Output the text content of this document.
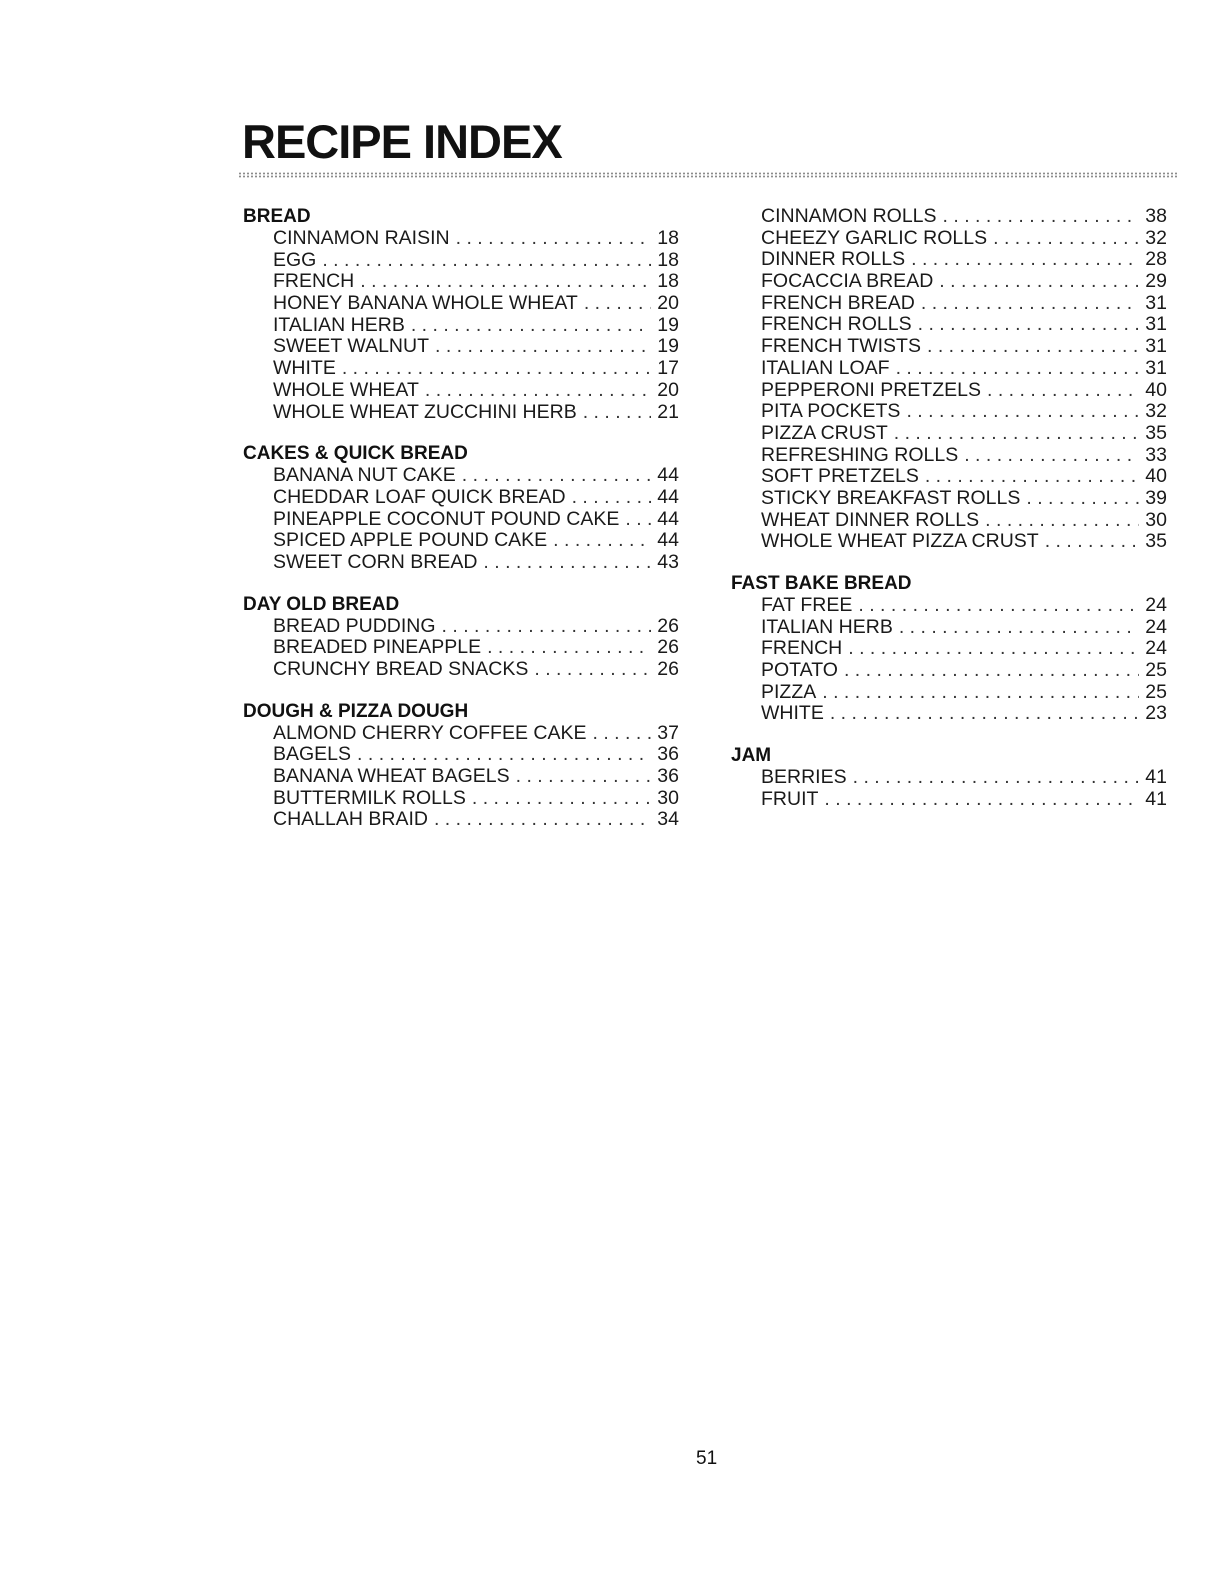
RECIPE INDEX
BREAD
CINNAMON RAISIN . . .	18
EGG . . .	18
FRENCH . . .	18
HONEY BANANA WHOLE WHEAT . . .	20
ITALIAN HERB . . .	19
SWEET WALNUT . . .	19
WHITE . . .	17
WHOLE WHEAT . . .	20
WHOLE WHEAT ZUCCHINI HERB . . .	21
CAKES & QUICK BREAD
BANANA NUT CAKE . . .	44
CHEDDAR LOAF QUICK BREAD . . .	44
PINEAPPLE COCONUT POUND CAKE . . . 44
SPICED APPLE POUND CAKE . . .	44
SWEET CORN BREAD . . .	43
DAY OLD BREAD
BREAD PUDDING . . .	26
BREADED PINEAPPLE . . .	26
CRUNCHY BREAD SNACKS . . .	26
DOUGH & PIZZA DOUGH
ALMOND CHERRY COFFEE CAKE . . .	37
BAGELS . . .	36
BANANA WHEAT BAGELS . . .	36
BUTTERMILK ROLLS . . .	30
CHALLAH BRAID . . .	34
CINNAMON ROLLS . . .	38
CHEEZY GARLIC ROLLS . . .	32
DINNER ROLLS . . .	28
FOCACCIA BREAD . . .	29
FRENCH BREAD . . .	31
FRENCH ROLLS . . .	31
FRENCH TWISTS . . .	31
ITALIAN LOAF . . .	31
PEPPERONI PRETZELS . . .	40
PITA POCKETS . . .	32
PIZZA CRUST . . .	35
REFRESHING ROLLS . . .	33
SOFT PRETZELS . . .	40
STICKY BREAKFAST ROLLS . . .	39
WHEAT DINNER ROLLS . . .	30
WHOLE WHEAT PIZZA CRUST . . .	35
FAST BAKE BREAD
FAT FREE . . .	24
ITALIAN HERB . . .	24
FRENCH . . .	24
POTATO . . .	25
PIZZA . . .	25
WHITE . . .	23
JAM
BERRIES . . .	41
FRUIT . . .	41
51
